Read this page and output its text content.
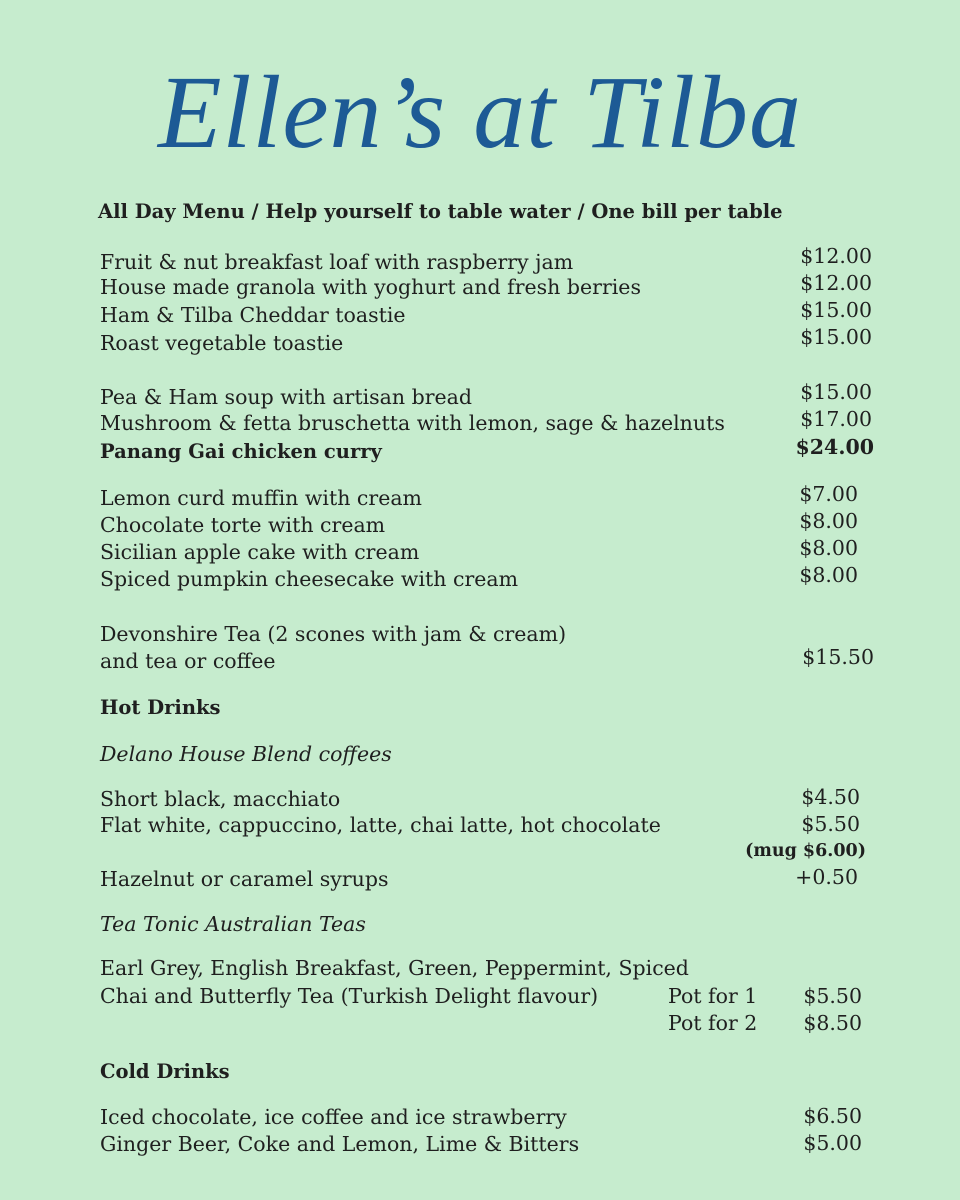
Ellen’s at Tilba
All Day Menu / Help yourself to table water / One bill per table
Fruit & nut breakfast loaf with raspberry jam	$12.00
House made granola with yoghurt and fresh berries	$12.00
Ham & Tilba Cheddar toastie	$15.00
Roast vegetable toastie	$15.00
Pea & Ham soup with artisan bread	$15.00
Mushroom & fetta bruschetta with lemon, sage & hazelnuts	$17.00
Panang Gai chicken curry	$24.00
Lemon curd muffin with cream	$7.00
Chocolate torte with cream	$8.00
Sicilian apple cake with cream	$8.00
Spiced pumpkin cheesecake with cream	$8.00
Devonshire Tea (2 scones with jam & cream)
and tea or coffee	$15.50
Hot Drinks
Delano House Blend coffees
Short black, macchiato	$4.50
Flat white, cappuccino, latte, chai latte, hot chocolate	$5.50
(mug $6.00)
Hazelnut or caramel syrups	+0.50
Tea Tonic Australian Teas
Earl Grey, English Breakfast, Green, Peppermint, Spiced
Chai and Butterfly Tea (Turkish Delight flavour)	Pot for 1 $5.50
Pot for 2 $8.50
Cold Drinks
Iced chocolate, ice coffee and ice strawberry	$6.50
Ginger Beer, Coke and Lemon, Lime & Bitters	$5.00
